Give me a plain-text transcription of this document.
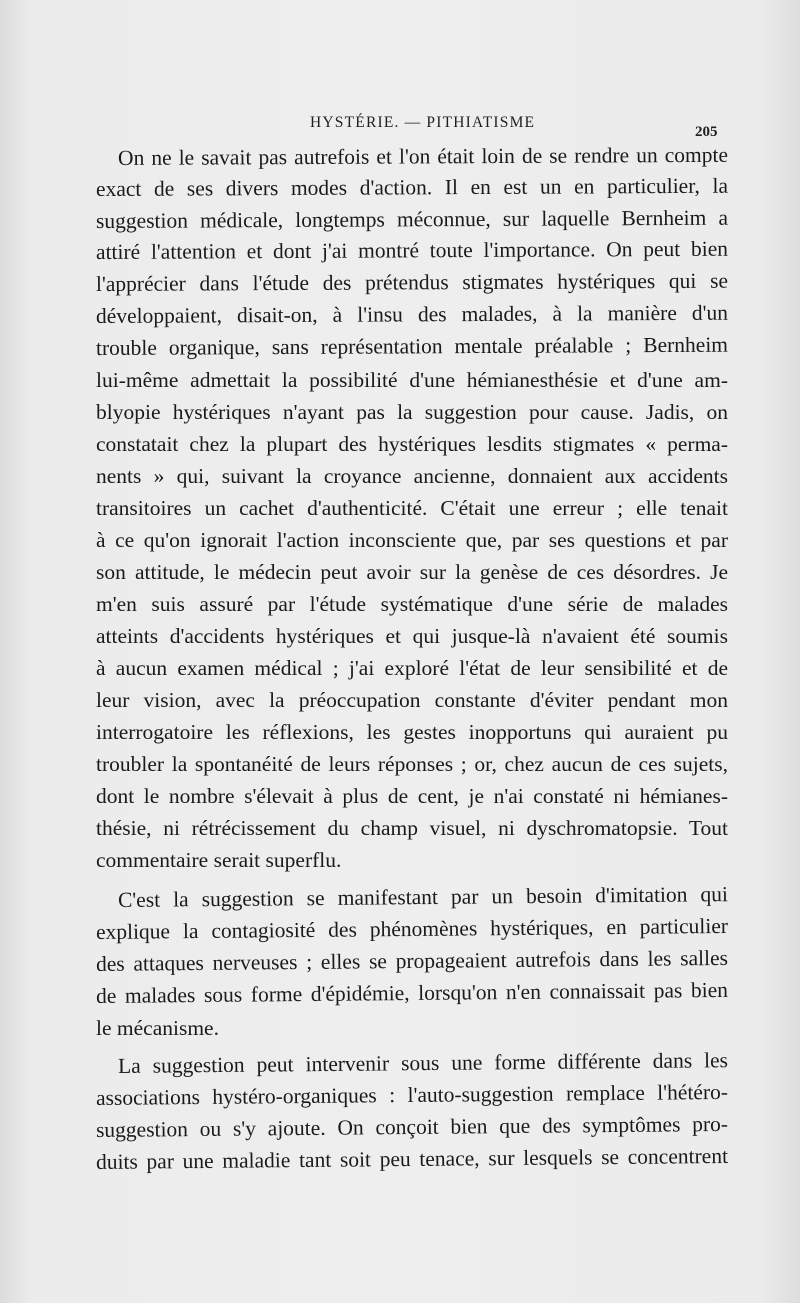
HYSTÉRIE. — PITHIATISME
205
On ne le savait pas autrefois et l'on était loin de se rendre un compte
exact de ses divers modes d'action. Il en est un en particulier, la
suggestion médicale, longtemps méconnue, sur laquelle Bernheim a
attiré l'attention et dont j'ai montré toute l'importance. On peut bien
l'apprécier dans l'étude des prétendus stigmates hystériques qui se
développaient, disait-on, à l'insu des malades, à la manière d'un
trouble organique, sans représentation mentale préalable ; Bernheim
lui-même admettait la possibilité d'une hémianesthésie et d'une am-
blyopie hystériques n'ayant pas la suggestion pour cause. Jadis, on
constatait chez la plupart des hystériques lesdits stigmates « perma-
nents » qui, suivant la croyance ancienne, donnaient aux accidents
transitoires un cachet d'authenticité. C'était une erreur ; elle tenait
à ce qu'on ignorait l'action inconsciente que, par ses questions et par
son attitude, le médecin peut avoir sur la genèse de ces désordres. Je
m'en suis assuré par l'étude systématique d'une série de malades
atteints d'accidents hystériques et qui jusque-là n'avaient été soumis
à aucun examen médical ; j'ai exploré l'état de leur sensibilité et de
leur vision, avec la préoccupation constante d'éviter pendant mon
interrogatoire les réflexions, les gestes inopportuns qui auraient pu
troubler la spontanéité de leurs réponses ; or, chez aucun de ces sujets,
dont le nombre s'élevait à plus de cent, je n'ai constaté ni hémianes-
thésie, ni rétrécissement du champ visuel, ni dyschromatopsie. Tout
commentaire serait superflu.
C'est la suggestion se manifestant par un besoin d'imitation qui
explique la contagiosité des phénomènes hystériques, en particulier
des attaques nerveuses ; elles se propageaient autrefois dans les salles
de malades sous forme d'épidémie, lorsqu'on n'en connaissait pas bien
le mécanisme.
La suggestion peut intervenir sous une forme différente dans les
associations hystéro-organiques : l'auto-suggestion remplace l'hétéro-
suggestion ou s'y ajoute. On conçoit bien que des symptômes pro-
duits par une maladie tant soit peu tenace, sur lesquels se concentrent
